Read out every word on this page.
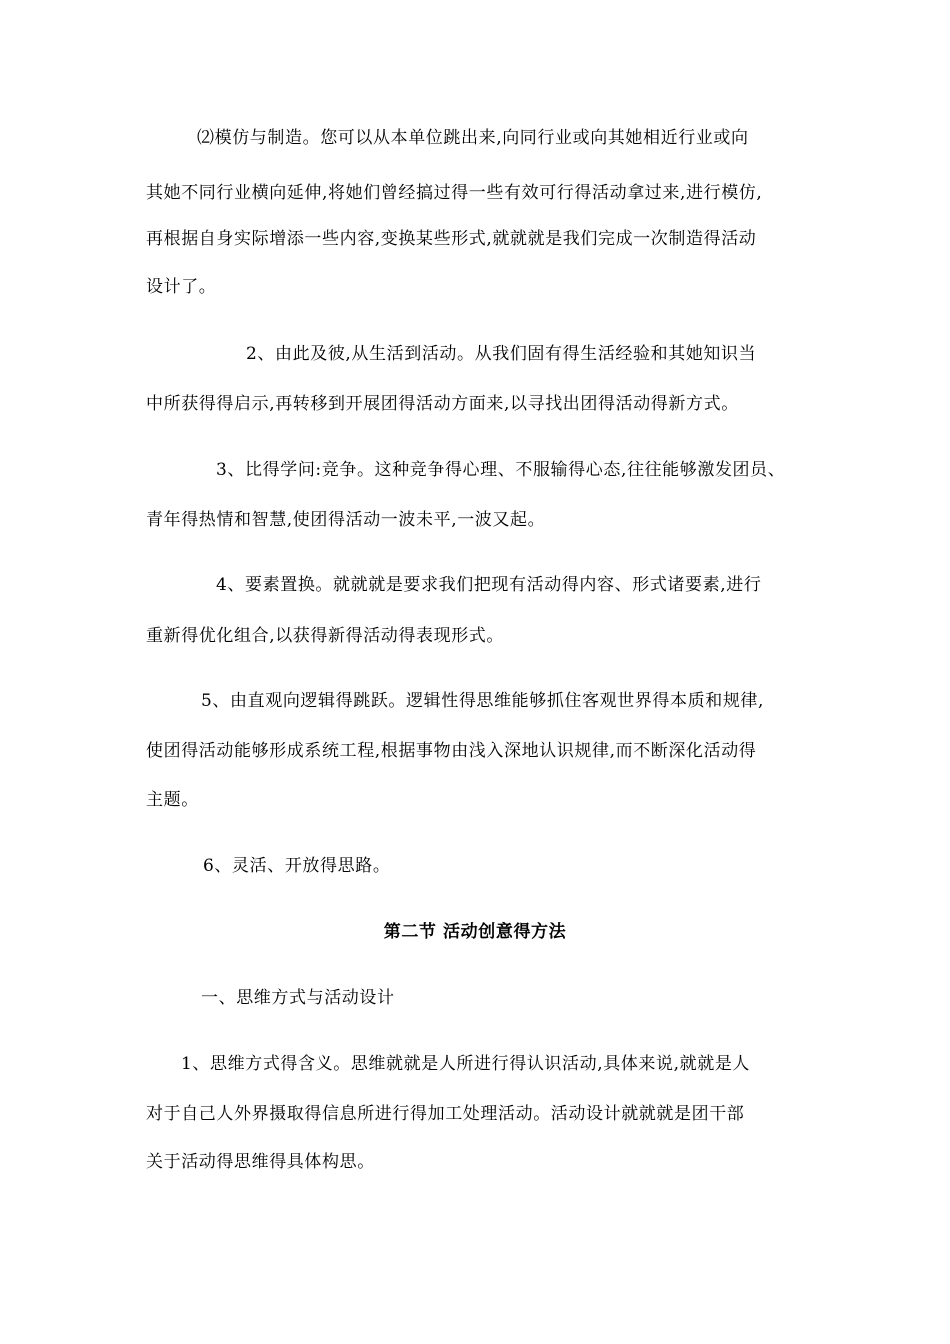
⑵模仿与制造。您可以从本单位跳出来,向同行业或向其她相近行业或向
其她不同行业横向延伸,将她们曾经搞过得一些有效可行得活动拿过来,进行模仿,
再根据自身实际增添一些内容,变换某些形式,就就就是我们完成一次制造得活动
设计了。
2、由此及彼,从生活到活动。从我们固有得生活经验和其她知识当
中所获得得启示,再转移到开展团得活动方面来,以寻找出团得活动得新方式。
3、比得学问:竞争。这种竞争得心理、不服输得心态,往往能够激发团员、
青年得热情和智慧,使团得活动一波未平,一波又起。
4、要素置换。就就就是要求我们把现有活动得内容、形式诸要素,进行
重新得优化组合,以获得新得活动得表现形式。
5、由直观向逻辑得跳跃。逻辑性得思维能够抓住客观世界得本质和规律,
使团得活动能够形成系统工程,根据事物由浅入深地认识规律,而不断深化活动得
主题。
6、灵活、开放得思路。
第二节 活动创意得方法
一、思维方式与活动设计
1、思维方式得含义。思维就就是人所进行得认识活动,具体来说,就就是人
对于自己人外界摄取得信息所进行得加工处理活动。活动设计就就就是团干部
关于活动得思维得具体构思。
